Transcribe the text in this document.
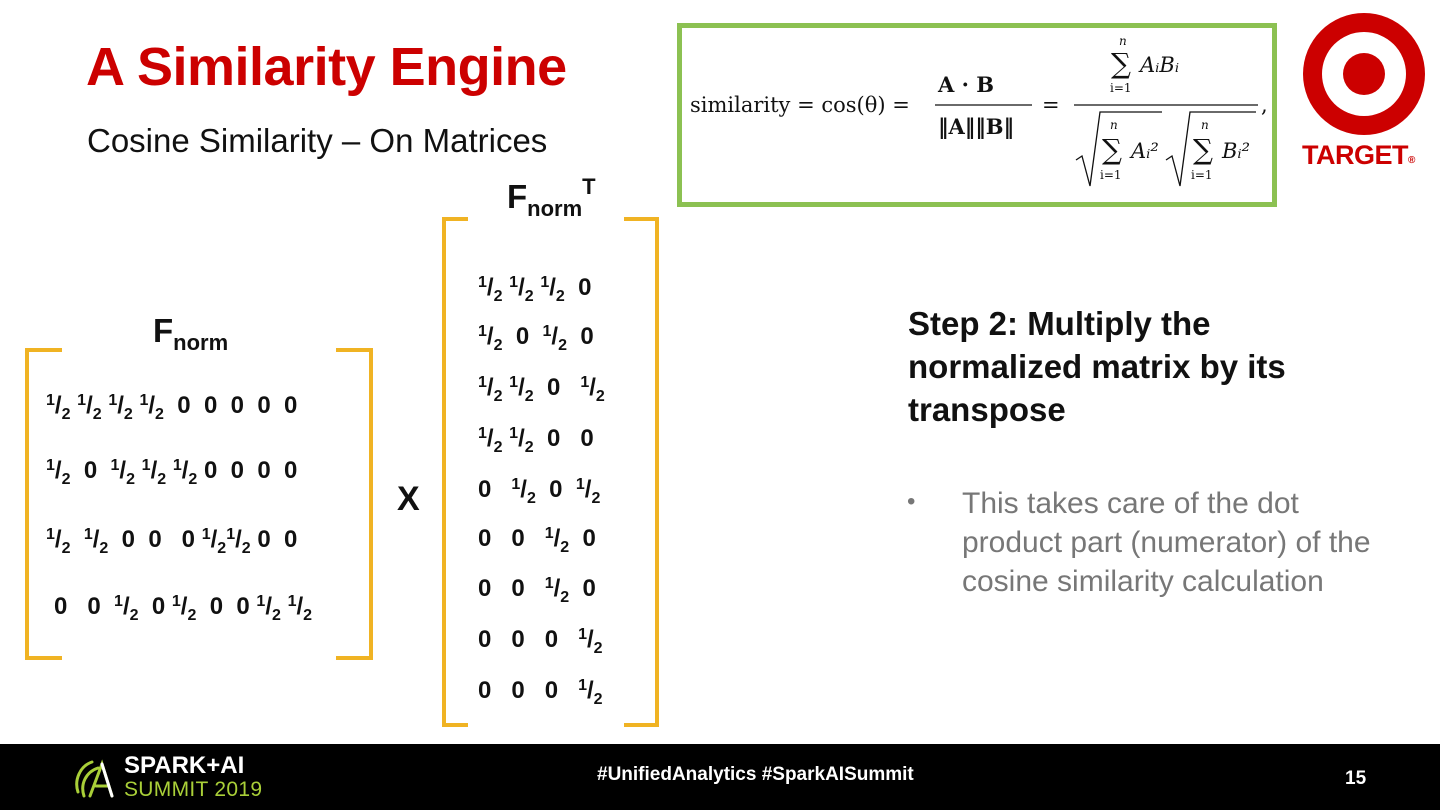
A Similarity Engine
Cosine Similarity – On Matrices
similarity = cos(θ) =
A · B
‖A‖‖B‖
=
n
∑
i=1
AᵢBᵢ
n
∑
i=1
Aᵢ²
n
∑
i=1
Bᵢ²
,
TARGET®
$F_{norm}$
$F_{norm}^T$
$^1/_2$ $^1/_2$ $^1/_2$ $^1/_2$  0  0  0  0  0
$^1/_2$  0  $^1/_2$ $^1/_2$ $^1/_2$ 0  0  0  0
$^1/_2$  $^1/_2$  0  0   0 $^1/_2^1/_2$ 0  0
0   0  $^1/_2$  0 $^1/_2$  0  0 $^1/_2$ $^1/_2$
X
$^1/_2$ $^1/_2$ $^1/_2$  0
$^1/_2$  0  $^1/_2$  0
$^1/_2$ $^1/_2$  0   $^1/_2$
$^1/_2$ $^1/_2$  0   0
0   $^1/_2$  0  $^1/_2$
0   0   $^1/_2$  0
0   0   $^1/_2$  0
0   0   0   $^1/_2$
0   0   0   $^1/_2$
Step 2: Multiply the normalized matrix by its transpose
• This takes care of the dot product part (numerator) of the cosine similarity calculation
SPARK+AI
SUMMIT 2019
#UnifiedAnalytics #SparkAISummit	15
